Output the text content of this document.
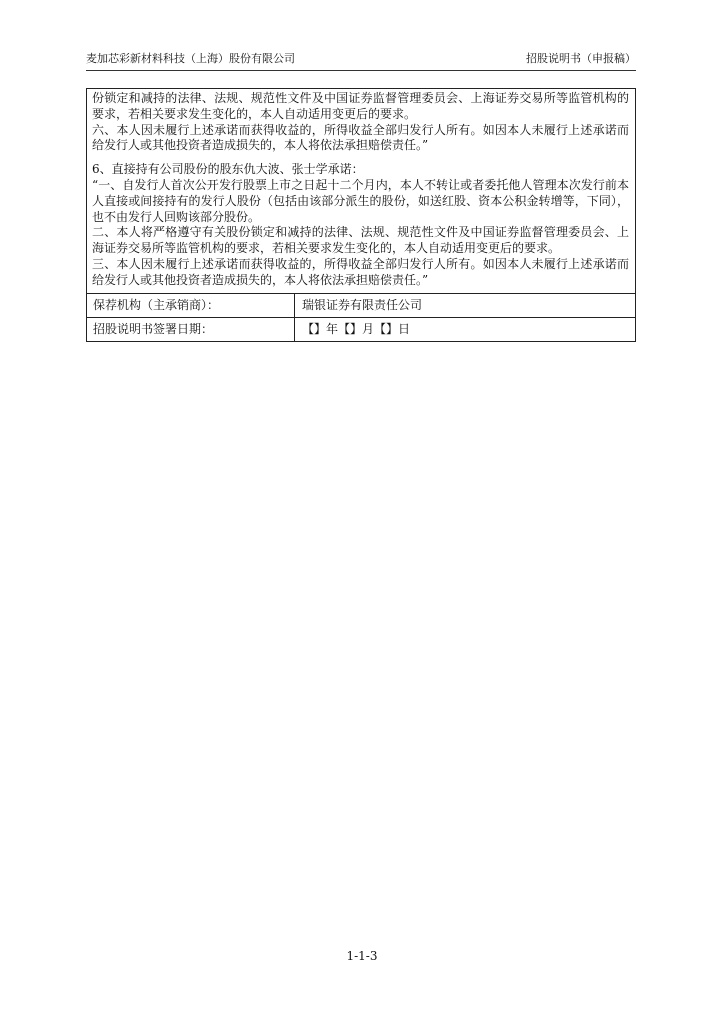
麦加芯彩新材料科技（上海）股份有限公司	招股说明书（申报稿）

份锁定和减持的法律、法规、规范性文件及中国证券监督管理委员会、上海证券交易所等监管机构的要求，若相关要求发生变化的，本人自动适用变更后的要求。

六、本人因未履行上述承诺而获得收益的，所得收益全部归发行人所有。如因本人未履行上述承诺而给发行人或其他投资者造成损失的，本人将依法承担赔偿责任。”

6、直接持有公司股份的股东仇大波、张士学承诺：

“一、自发行人首次公开发行股票上市之日起十二个月内，本人不转让或者委托他人管理本次发行前本人直接或间接持有的发行人股份（包括由该部分派生的股份，如送红股、资本公积金转增等，下同），也不由发行人回购该部分股份。

二、本人将严格遵守有关股份锁定和减持的法律、法规、规范性文件及中国证券监督管理委员会、上海证券交易所等监管机构的要求，若相关要求发生变化的，本人自动适用变更后的要求。

三、本人因未履行上述承诺而获得收益的，所得收益全部归发行人所有。如因本人未履行上述承诺而给发行人或其他投资者造成损失的，本人将依法承担赔偿责任。”

保荐机构（主承销商）：	瑞银证券有限责任公司
招股说明书签署日期：	【】年【】月【】日
1-1-3
